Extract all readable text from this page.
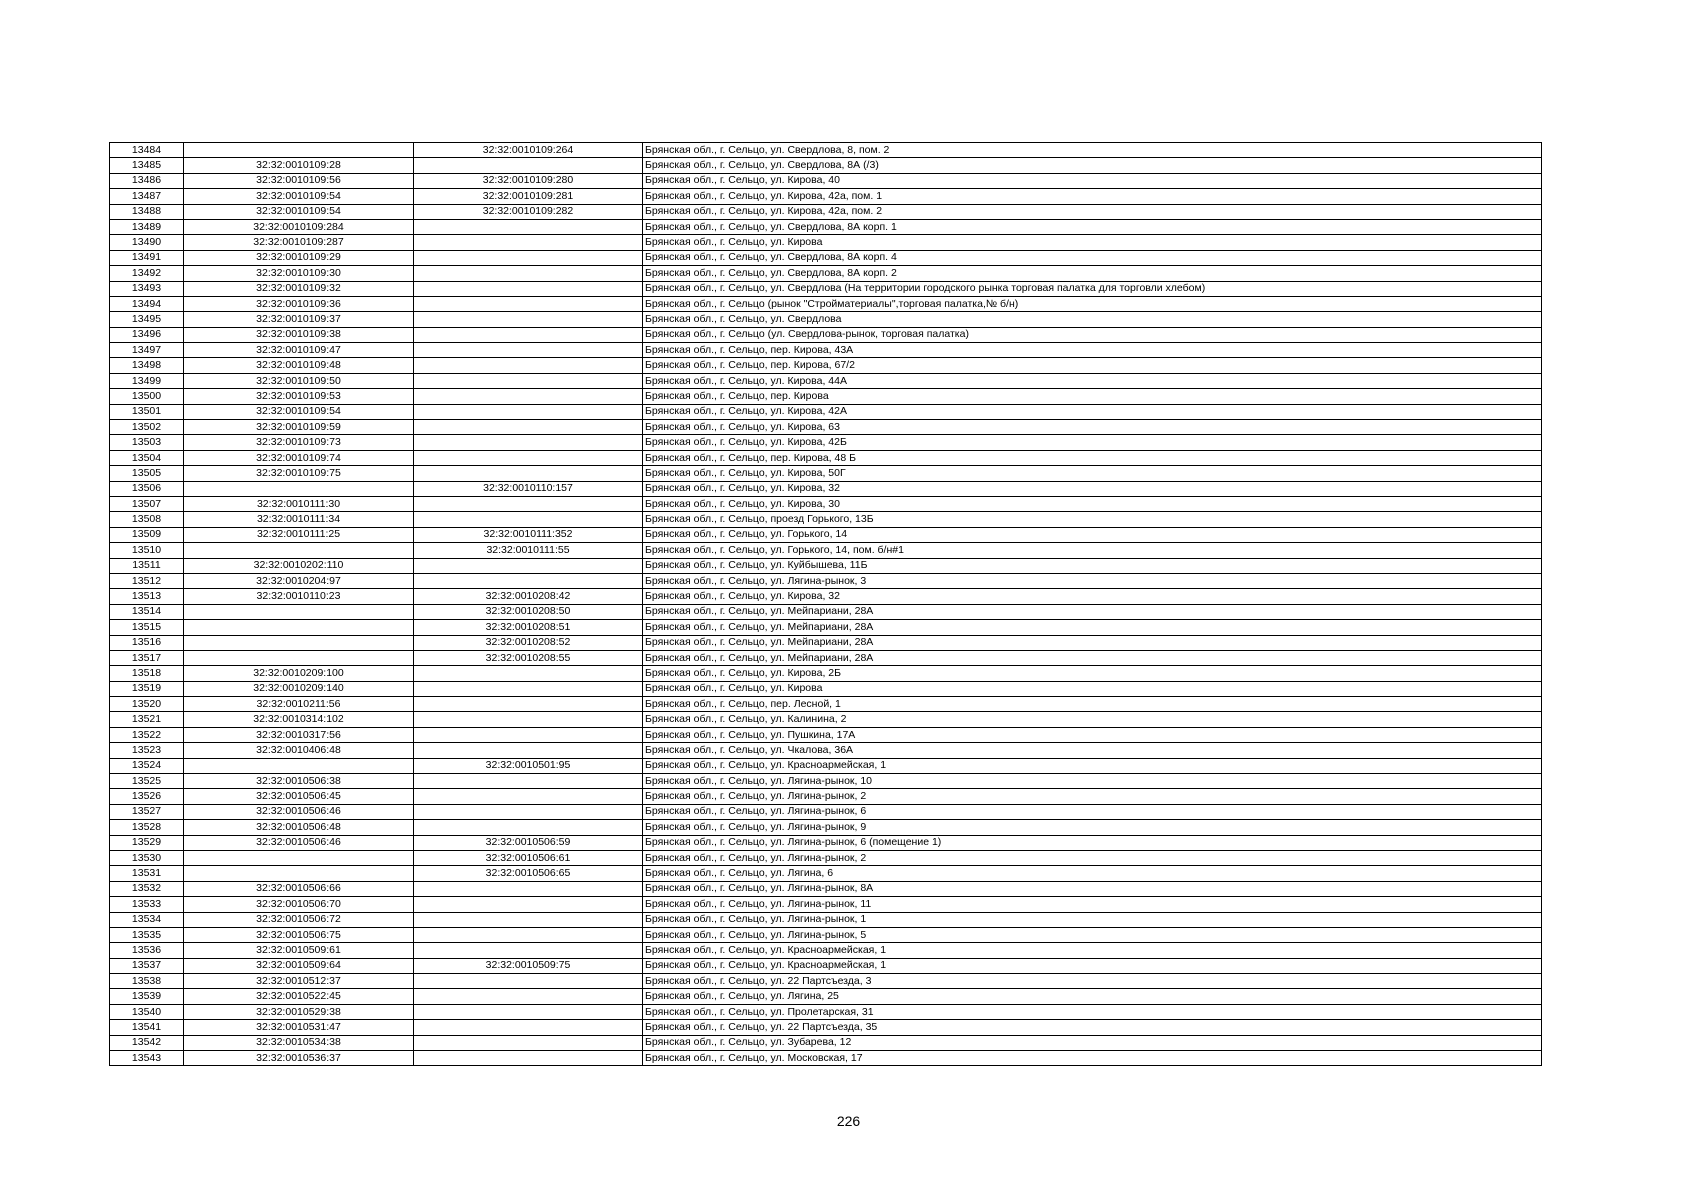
13484		32:32:0010109:264	Брянская обл., г. Сельцо, ул. Свердлова, 8, пом. 2
13485	32:32:0010109:28		Брянская обл., г. Сельцо, ул. Свердлова, 8А (/3)
13486	32:32:0010109:56	32:32:0010109:280	Брянская обл., г. Сельцо, ул. Кирова, 40
13487	32:32:0010109:54	32:32:0010109:281	Брянская обл., г. Сельцо, ул. Кирова, 42а, пом. 1
13488	32:32:0010109:54	32:32:0010109:282	Брянская обл., г. Сельцо, ул. Кирова, 42а, пом. 2
13489	32:32:0010109:284		Брянская обл., г. Сельцо, ул. Свердлова, 8А корп. 1
13490	32:32:0010109:287		Брянская обл., г. Сельцо, ул. Кирова
13491	32:32:0010109:29		Брянская обл., г. Сельцо, ул. Свердлова, 8А корп. 4
13492	32:32:0010109:30		Брянская обл., г. Сельцо, ул. Свердлова, 8А корп. 2
13493	32:32:0010109:32		Брянская обл., г. Сельцо, ул. Свердлова (На территории городского рынка торговая палатка для торговли хлебом)
13494	32:32:0010109:36		Брянская обл., г. Сельцо (рынок "Стройматериалы",торговая палатка,№ б/н)
13495	32:32:0010109:37		Брянская обл., г. Сельцо, ул. Свердлова
13496	32:32:0010109:38		Брянская обл., г. Сельцо (ул. Свердлова-рынок, торговая палатка)
13497	32:32:0010109:47		Брянская обл., г. Сельцо, пер. Кирова, 43А
13498	32:32:0010109:48		Брянская обл., г. Сельцо, пер. Кирова, 67/2
13499	32:32:0010109:50		Брянская обл., г. Сельцо, ул. Кирова, 44А
13500	32:32:0010109:53		Брянская обл., г. Сельцо, пер. Кирова
13501	32:32:0010109:54		Брянская обл., г. Сельцо, ул. Кирова, 42А
13502	32:32:0010109:59		Брянская обл., г. Сельцо, ул. Кирова, 63
13503	32:32:0010109:73		Брянская обл., г. Сельцо, ул. Кирова, 42Б
13504	32:32:0010109:74		Брянская обл., г. Сельцо, пер. Кирова, 48 Б
13505	32:32:0010109:75		Брянская обл., г. Сельцо, ул. Кирова, 50Г
13506		32:32:0010110:157	Брянская обл., г. Сельцо, ул. Кирова, 32
13507	32:32:0010111:30		Брянская обл., г. Сельцо, ул. Кирова, 30
13508	32:32:0010111:34		Брянская обл., г. Сельцо, проезд Горького, 13Б
13509	32:32:0010111:25	32:32:0010111:352	Брянская обл., г. Сельцо, ул. Горького, 14
13510		32:32:0010111:55	Брянская обл., г. Сельцо, ул. Горького, 14, пом. б/н#1
13511	32:32:0010202:110		Брянская обл., г. Сельцо, ул. Куйбышева, 11Б
13512	32:32:0010204:97		Брянская обл., г. Сельцо, ул. Лягина-рынок, 3
13513	32:32:0010110:23	32:32:0010208:42	Брянская обл., г. Сельцо, ул. Кирова, 32
13514		32:32:0010208:50	Брянская обл., г. Сельцо, ул. Мейпариани, 28А
13515		32:32:0010208:51	Брянская обл., г. Сельцо, ул. Мейпариани, 28А
13516		32:32:0010208:52	Брянская обл., г. Сельцо, ул. Мейпариани, 28А
13517		32:32:0010208:55	Брянская обл., г. Сельцо, ул. Мейпариани, 28А
13518	32:32:0010209:100		Брянская обл., г. Сельцо, ул. Кирова, 2Б
13519	32:32:0010209:140		Брянская обл., г. Сельцо, ул. Кирова
13520	32:32:0010211:56		Брянская обл., г. Сельцо, пер. Лесной, 1
13521	32:32:0010314:102		Брянская обл., г. Сельцо, ул. Калинина, 2
13522	32:32:0010317:56		Брянская обл., г. Сельцо, ул. Пушкина, 17А
13523	32:32:0010406:48		Брянская обл., г. Сельцо, ул. Чкалова, 36А
13524		32:32:0010501:95	Брянская обл., г. Сельцо, ул. Красноармейская, 1
13525	32:32:0010506:38		Брянская обл., г. Сельцо, ул. Лягина-рынок, 10
13526	32:32:0010506:45		Брянская обл., г. Сельцо, ул. Лягина-рынок, 2
13527	32:32:0010506:46		Брянская обл., г. Сельцо, ул. Лягина-рынок, 6
13528	32:32:0010506:48		Брянская обл., г. Сельцо, ул. Лягина-рынок, 9
13529	32:32:0010506:46	32:32:0010506:59	Брянская обл., г. Сельцо, ул. Лягина-рынок, 6 (помещение 1)
13530		32:32:0010506:61	Брянская обл., г. Сельцо, ул. Лягина-рынок, 2
13531		32:32:0010506:65	Брянская обл., г. Сельцо, ул. Лягина, 6
13532	32:32:0010506:66		Брянская обл., г. Сельцо, ул. Лягина-рынок, 8А
13533	32:32:0010506:70		Брянская обл., г. Сельцо, ул. Лягина-рынок, 11
13534	32:32:0010506:72		Брянская обл., г. Сельцо, ул. Лягина-рынок, 1
13535	32:32:0010506:75		Брянская обл., г. Сельцо, ул. Лягина-рынок, 5
13536	32:32:0010509:61		Брянская обл., г. Сельцо, ул. Красноармейская, 1
13537	32:32:0010509:64	32:32:0010509:75	Брянская обл., г. Сельцо, ул. Красноармейская, 1
13538	32:32:0010512:37		Брянская обл., г. Сельцо, ул. 22 Партсъезда, 3
13539	32:32:0010522:45		Брянская обл., г. Сельцо, ул. Лягина, 25
13540	32:32:0010529:38		Брянская обл., г. Сельцо, ул. Пролетарская, 31
13541	32:32:0010531:47		Брянская обл., г. Сельцо, ул. 22 Партсъезда, 35
13542	32:32:0010534:38		Брянская обл., г. Сельцо, ул. Зубарева, 12
13543	32:32:0010536:37		Брянская обл., г. Сельцо, ул. Московская, 17
226
